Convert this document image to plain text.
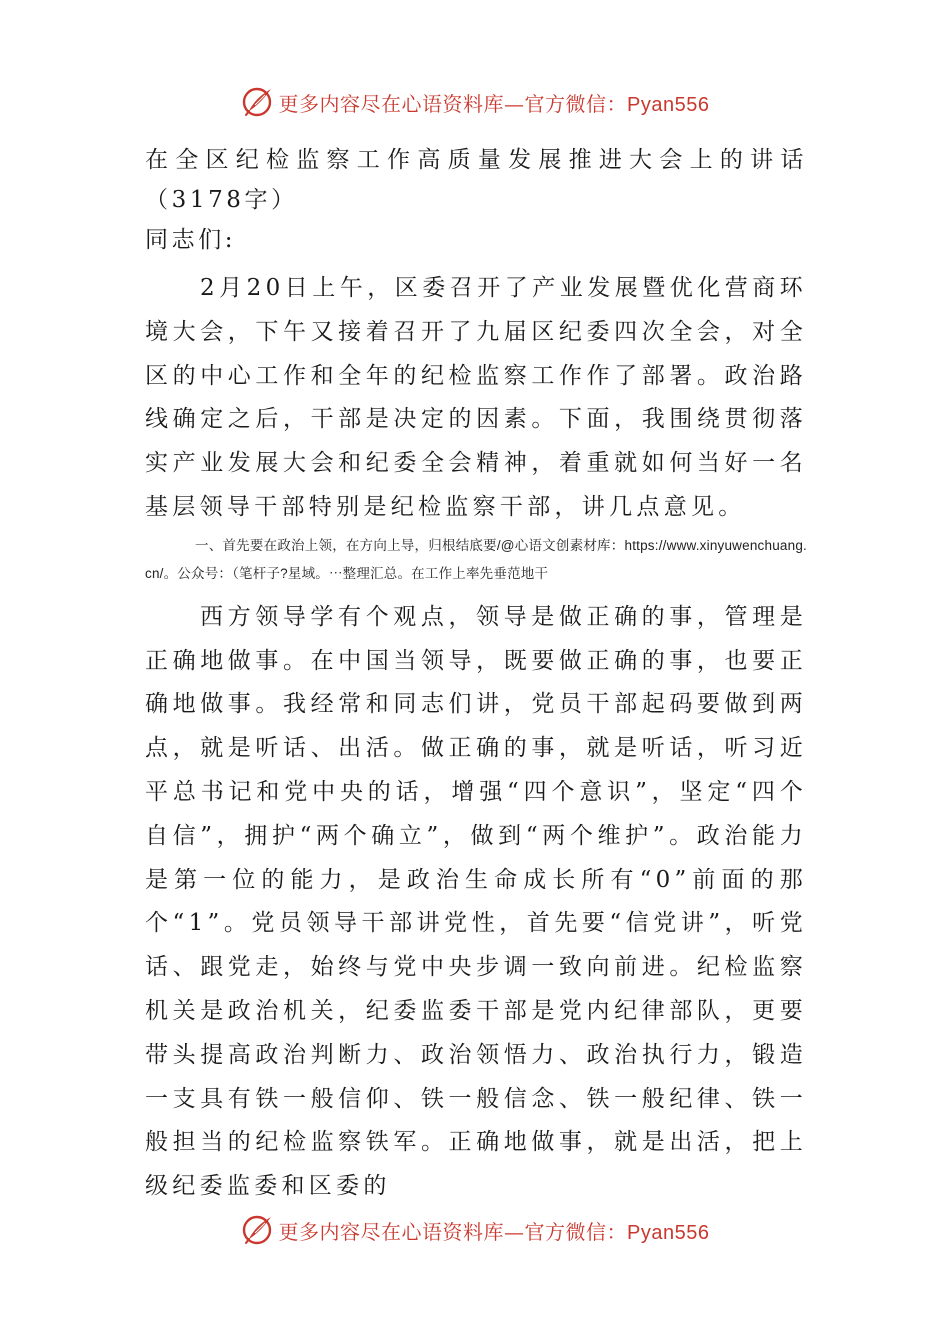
更多内容尽在心语资料库—官方微信：Pyan556

在全区纪检监察工作高质量发展推进大会上的讲话（3178字）

同志们:

2月20日上午，区委召开了产业发展暨优化营商环境大会，下午又接着召开了九届区纪委四次全会，对全区的中心工作和全年的纪检监察工作作了部署。政治路线确定之后，干部是决定的因素。下面，我围绕贯彻落实产业发展大会和纪委全会精神，着重就如何当好一名基层领导干部特别是纪检监察干部，讲几点意见。

一、首先要在政治上领，在方向上导，归根结底要/@心语文创素材库：https://www.xinyuwenchuang.cn/。公众号：（笔杆子?星域。⋯整理汇总。在工作上率先垂范地干

西方领导学有个观点，领导是做正确的事，管理是正确地做事。在中国当领导，既要做正确的事，也要正确地做事。我经常和同志们讲，党员干部起码要做到两点，就是听话、出活。做正确的事，就是听话，听习近平总书记和党中央的话，增强“四个意识”，坚定“四个自信”，拥护“两个确立”，做到“两个维护”。政治能力是第一位的能力，是政治生命成长所有“0”前面的那个“1”。党员领导干部讲党性，首先要“信党讲”，听党话、跟党走，始终与党中央步调一致向前进。纪检监察机关是政治机关，纪委监委干部是党内纪律部队，更要带头提高政治判断力、政治领悟力、政治执行力，锻造一支具有铁一般信仰、铁一般信念、铁一般纪律、铁一般担当的纪检监察铁军。正确地做事，就是出活，把上级纪委监委和区委的

更多内容尽在心语资料库—官方微信：Pyan556
